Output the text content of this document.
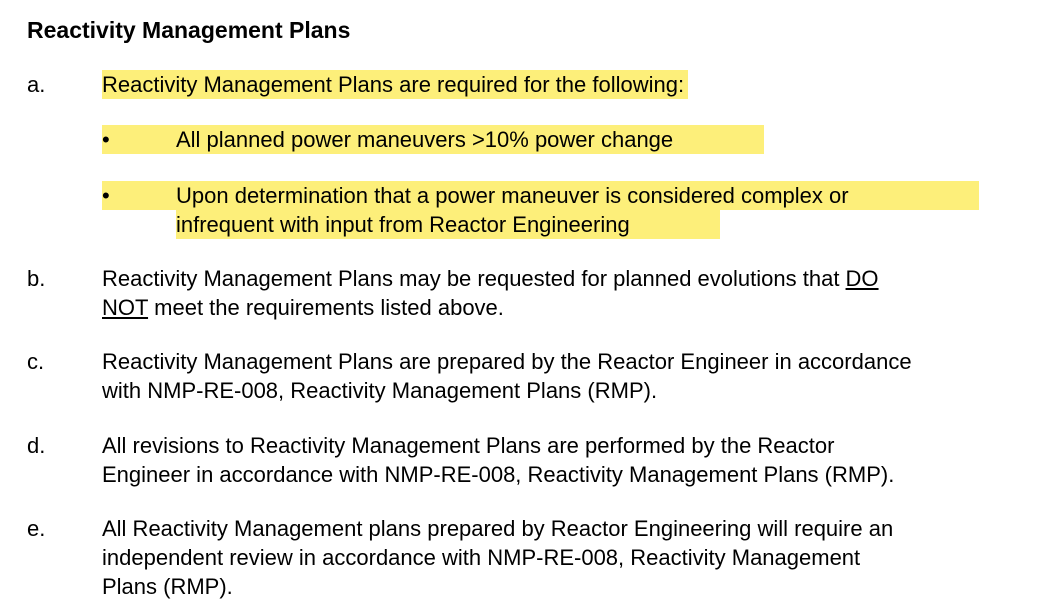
Reactivity Management Plans
a.	Reactivity Management Plans are required for the following:
•	All planned power maneuvers >10% power change
•	Upon determination that a power maneuver is considered complex or
infrequent with input from Reactor Engineering
b.	Reactivity Management Plans may be requested for planned evolutions that DO
NOT meet the requirements listed above.
c.	Reactivity Management Plans are prepared by the Reactor Engineer in accordance
with NMP-RE-008, Reactivity Management Plans (RMP).
d.	All revisions to Reactivity Management Plans are performed by the Reactor
Engineer in accordance with NMP-RE-008, Reactivity Management Plans (RMP).
e.	All Reactivity Management plans prepared by Reactor Engineering will require an
independent review in accordance with NMP-RE-008, Reactivity Management
Plans (RMP).
